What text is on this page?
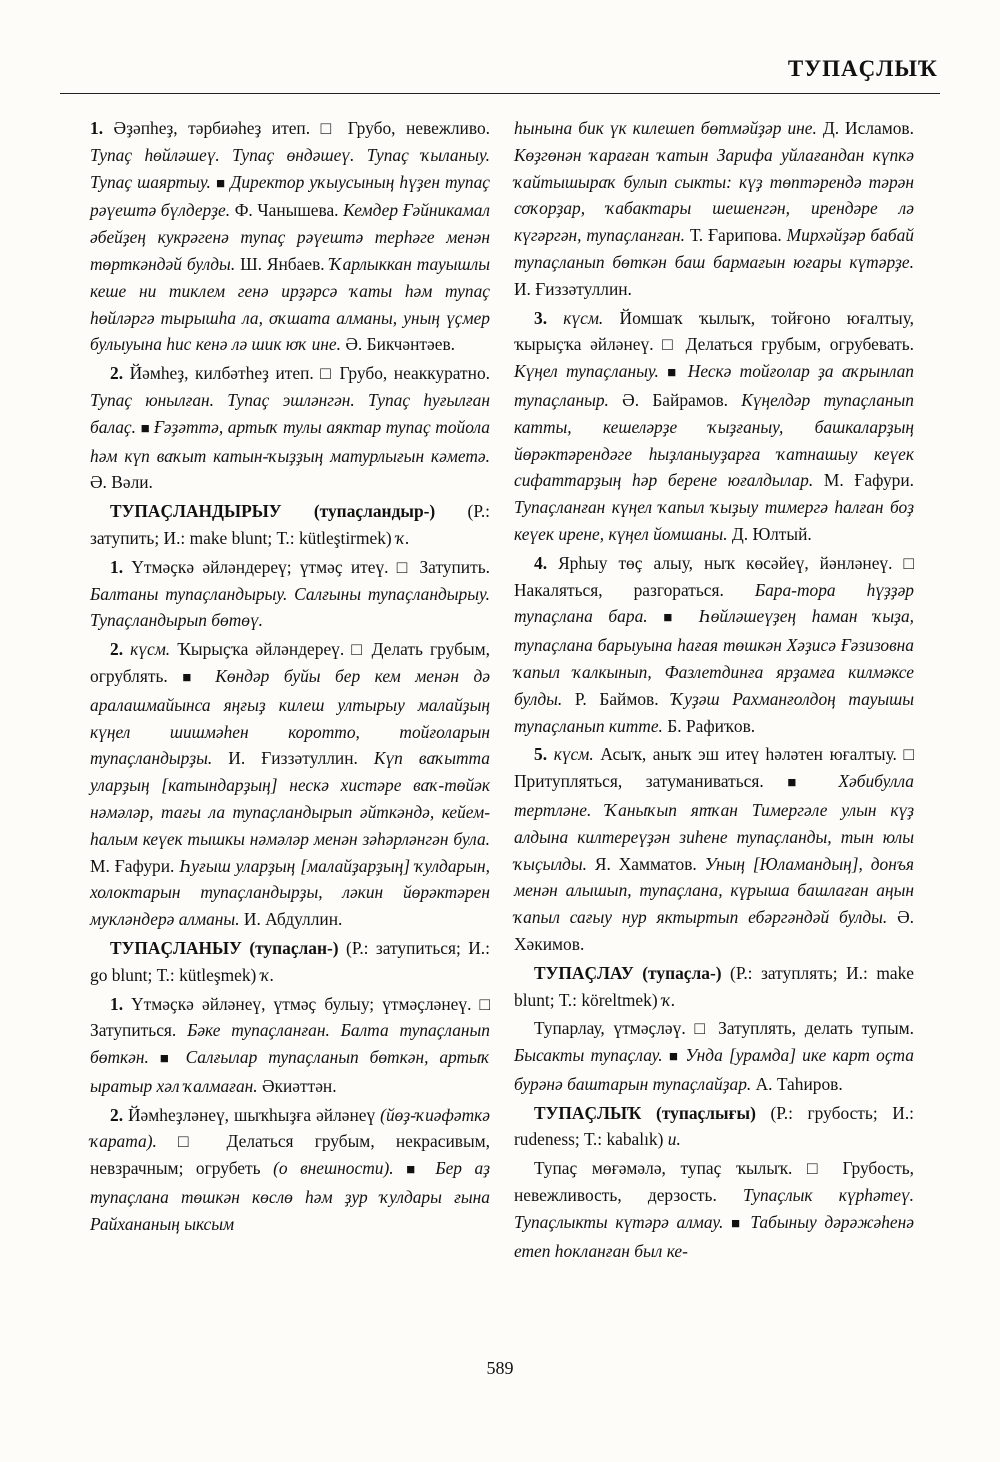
ТУПАҪЛЫҠ

1. Әҙәпһеҙ, тәрбиәһеҙ итеп. □ Грубо, невежливо. Тупаҫ һөйләшеү. Тупаҫ өндәшеү. Тупаҫ ҡыланыу. Тупаҫ шаяртыу. ■ Директор уҡыусының һүҙен тупаҫ рәүештә бүлдерҙе. Ф. Чанышева. Кемдер Ғәйникамал әбейҙең кукрәгенә тупаҫ рәүештә терһәге менән төрткәндәй булды. Ш. Янбаев. Ҡарлыккан тауышлы кеше ни тиклем генә ирҙәрсә ҡаты һәм тупаҫ һөйләргә тырышһа ла, оҡшата алманы, уның үҫмер булыуына һис кенә лә шик юҡ ине. Ә. Бикчәнтәев.

2. Йәмһеҙ, килбәтһеҙ итеп. □ Грубо, неаккуратно. Тупаҫ юнылған. Тупаҫ эшләнгән. Тупаҫ һуғылған балаҫ. ■ Ғәҙәттә, артыҡ тулы аяктар тупаҫ тойола һәм күп ваҡыт катын-ҡыҙҙың матурлығын кәметә. Ә. Вәли.

ТУПАҪЛАНДЫРЫУ (тупаҫландыр-) (Р.: затупить; И.: make blunt; Т.: kütleştirmek) ҡ.

1. Үтмәҫкә әйләндереү; үтмәҫ итеү. □ Затупить. Балтаны тупаҫландырыу. Салғыны тупаҫландырыу. Тупаҫландырып бөтөү.

2. күсм. Ҡырыҫҡа әйләндереү. □ Делать грубым, огрублять. ■ Көндәр буйы бер кем менән дә аралашмайынса яңғыҙ килеш ултырыу малайҙың күңел шишмәһен короттo, тойғоларын тупаҫландырҙы. И. Ғиззәтуллин. Күп ваҡытта уларҙың [катындарҙың] нескә хистәре ваҡ-төйәк нәмәләр, тағы ла тупаҫландырып әйткәндә, кейем-һалым кеүек тышкы нәмәләр менән зәһәрләнгән була. М. Ғафури. Һуғыш уларҙың [малайҙарҙың] ҡулдарын, холоктарын тупаҫландырҙы, ләкин йөрәктәрен мукләндерә алманы. И. Абдуллин.

ТУПАҪЛАНЫУ (тупаҫлан-) (Р.: затупиться; И.: go blunt; Т.: kütleşmek) ҡ.

1. Үтмәҫкә әйләнеү, үтмәҫ булыу; үтмәҫләнеү. □ Затупиться. Бәке тупаҫланған. Балта тупаҫланып бөткән. ■ Салғылар тупаҫланып бөткән, артыҡ ыратыр хәл ҡалмаған. Әкиәттән.

2. Йәмһеҙләнеү, шыҡһыҙға әйләнеү (йөҙ-ҡиәфәткә ҡарата). □ Делаться грубым, некрасивым, невзрачным; огрубеть (о внешности). ■ Бер аҙ тупаҫлана төшкән көслө һәм ҙур ҡулдары ғына Райхананың ыксым

һынына бик үк килешеп бөтмәйҙәр ине. Д. Исламов. Көҙгөнән ҡараған ҡатын Зарифа уйлағандан күпкә ҡайтышыраҡ булып сыкты: күҙ төптәрендә тәрән соҡорҙар, ҡабактары шешенгән, ирендәре лә күгәргән, тупаҫланған. Т. Ғарипова. Мирхәйҙәр бабай тупаҫланып бөткән баш бармағын юғары күтәрҙе. И. Ғиззәтуллин.

3. күсм. Йомшаҡ ҡылыҡ, тойғоно юғалтыу, ҡырыҫҡа әйләнеү. □ Делаться грубым, огрубевать. Күңел тупаҫланыу. ■ Нескә тойғолар ҙа аҡрынлап тупаҫланыр. Ә. Байрамов. Күңелдәр тупаҫланып катты, кешеләрҙе ҡыҙғаныу, башкаларҙың йөрәктәрендәге һыҙланыуҙарға ҡатнашыу кеүек сифаттарҙың һәр берене юғалдылар. М. Ғафури. Тупаҫланған күңел ҡапыл ҡыҙыу тимергә һалған боҙ кеүек ирене, күңел йомшаны. Д. Юлтый.

4. Ярһыу төҫ алыу, ныҡ көсәйеү, йәнләнеү. □ Накаляться, разгораться. Бара-тора һүҙҙәр тупаҫлана бара. ■ Һөйләшеүҙең һаман ҡыҙа, тупаҫлана барыуына һағая төшкән Хәҙисә Ғәзизовна ҡапыл ҡалкынып, Фазлетдинға ярҙамға килмәксе булды. Р. Баймов. Ҡуҙәш Рахманғолдоң тауышы тупаҫланып китте. Б. Рафиҡов.

5. күсм. Асыҡ, аныҡ эш итеү һәләтен юғалтыу. □ Притупляться, затуманиваться. ■ Хәбибулла тертләне. Ҡаныҡып ятҡан Тимергәле улын күҙ алдына килтереүҙән зиһене тупаҫланды, тын юлы ҡыҫылды. Я. Хамматов. Уның [Юламандың], донъя менән алышып, тупаҫлана, күрыша башлаған аңын ҡапыл сағыу нур яктыртып ебәргәндәй булды. Ә. Хәкимов.

ТУПАҪЛАУ (тупаҫла-) (Р.: затуплять; И.: make blunt; Т.: köreltmek) ҡ.

Тупарлау, үтмәҫләү. □ Затуплять, делать тупым. Бысакты тупаҫлау. ■ Унда [урамда] ике карт оҫта бурәнә баштарын тупаҫлайҙар. А. Таһиров.

ТУПАҪЛЫҠ (тупаҫлығы) (Р.: грубость; И.: rudeness; Т.: kabalık) и.

Тупаҫ мөғәмәлә, тупаҫ ҡылыҡ. □ Грубость, невежливость, дерзость. Тупаҫлык күрһәтеү. Тупаҫлыкты күтәрә алмау. ■ Табыныу дәрәжәһенә етеп һокланған был ке-

589
